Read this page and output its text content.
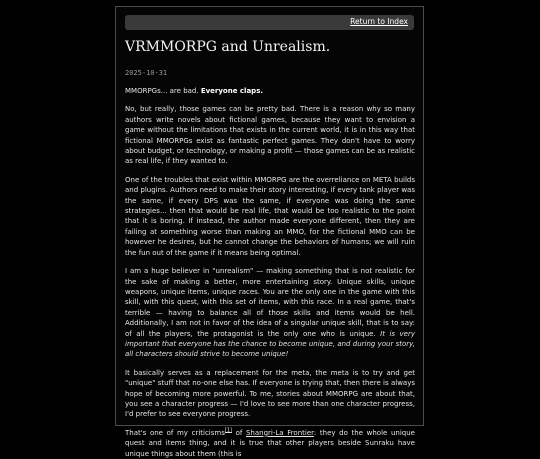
Return to Index
VRMMORPG and Unrealism.
2025-10-31

MMORPGs... are bad. Everyone claps.

No, but really, those games can be pretty bad. There is a reason why so many authors write novels about fictional games, because they want to envision a game without the limitations that exists in the current world, it is in this way that fictional MMORPGs exist as fantastic perfect games. They don't have to worry about budget, or technology, or making a profit — those games can be as realistic as real life, if they wanted to.

One of the troubles that exist within MMORPG are the overreliance on META builds and plugins. Authors need to make their story interesting, if every tank player was the same, if every DPS was the same, if everyone was doing the same strategies... then that would be real life, that would be too realistic to the point that it is boring. If instead, the author made everyone different, then they are failing at something worse than making an MMO, for the fictional MMO can be however he desires, but he cannot change the behaviors of humans; we will ruin the fun out of the game if it means being optimal.

I am a huge believer in "unrealism" — making something that is not realistic for the sake of making a better, more entertaining story. Unique skills, unique weapons, unique items, unique races. You are the only one in the game with this skill, with this quest, with this set of items, with this race. In a real game, that's terrible — having to balance all of those skills and items would be hell. Additionally, I am not in favor of the idea of a singular unique skill, that is to say: of all the players, the protagonist is the only one who is unique. It is very important that everyone has the chance to become unique, and during your story, all characters should strive to become unique!

It basically serves as a replacement for the meta, the meta is to try and get "unique" stuff that no-one else has. If everyone is trying that, then there is always hope of becoming more powerful. To me, stories about MMORPG are about that, you see a character progress — I'd love to see more than one character progress, I'd prefer to see everyone progress.

That's one of my criticisms[1] of Shangri-La Frontier: they do the whole unique quest and items thing, and it is true that other players beside Sunraku have unique things about them (this is
